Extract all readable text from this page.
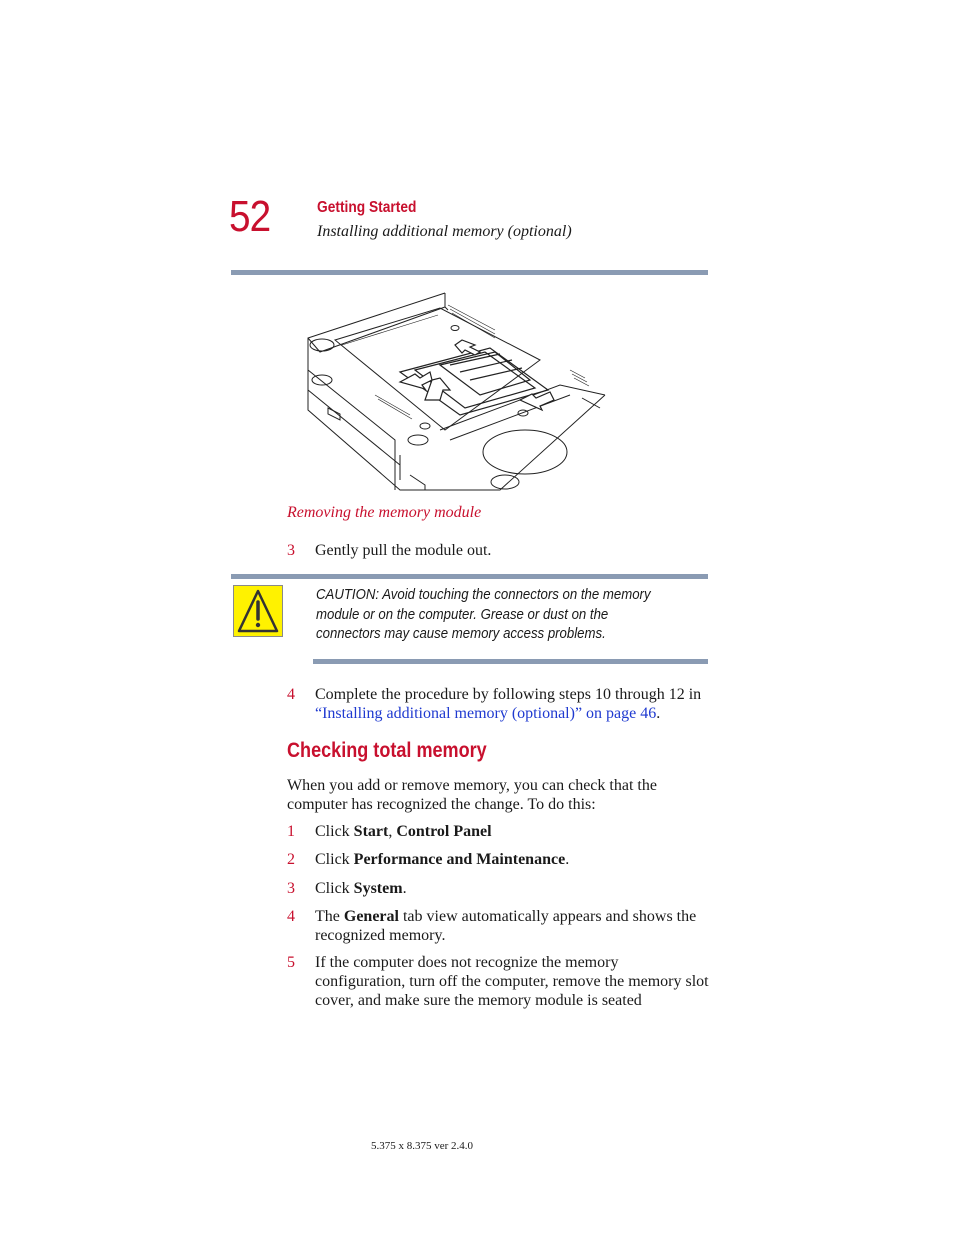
52	Getting Started
Installing additional memory (optional)
Removing the memory module
3 Gently pull the module out.
CAUTION: Avoid touching the connectors on the memory module or on the computer. Grease or dust on the connectors may cause memory access problems.
4 Complete the procedure by following steps 10 through 12 in “Installing additional memory (optional)” on page 46.
Checking total memory
When you add or remove memory, you can check that the computer has recognized the change. To do this:
1 Click Start, Control Panel
2 Click Performance and Maintenance.
3 Click System.
4 The General tab view automatically appears and shows the recognized memory.
5 If the computer does not recognize the memory configuration, turn off the computer, remove the memory slot cover, and make sure the memory module is seated
5.375 x 8.375 ver 2.4.0
